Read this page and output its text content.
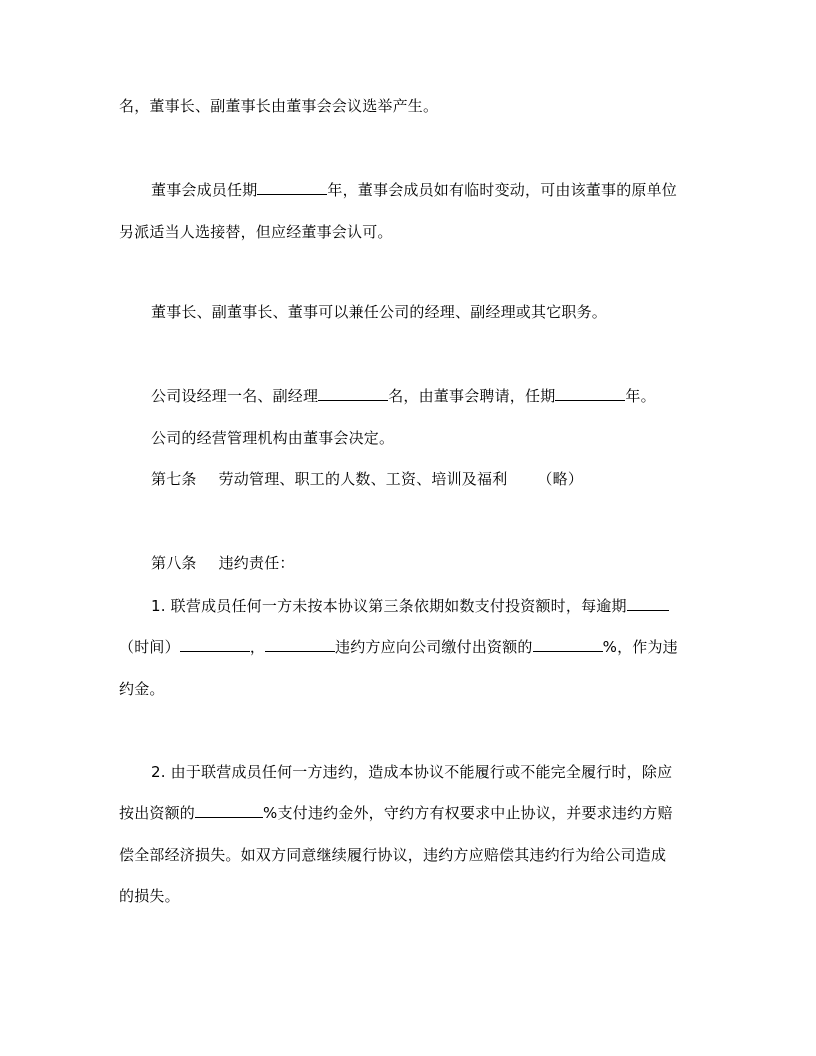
名，董事长、副董事长由董事会会议选举产生。
董事会成员任期	年，董事会成员如有临时变动，可由该董事的原单位
另派适当人选接替，但应经董事会认可。
董事长、副董事长、董事可以兼任公司的经理、副经理或其它职务。
公司设经理一名、副经理	名，由董事会聘请，任期	年。
公司的经营管理机构由董事会决定。
第七条 劳动管理、职工的人数、工资、培训及福利 （略）
第八条 违约责任：
1. 联营成员任何一方未按本协议第三条依期如数支付投资额时，每逾期
（时间）	，	违约方应向公司缴付出资额的	%，作为违
约金。
2. 由于联营成员任何一方违约，造成本协议不能履行或不能完全履行时，除应
按出资额的	%支付违约金外，守约方有权要求中止协议，并要求违约方赔
偿全部经济损失。如双方同意继续履行协议，违约方应赔偿其违约行为给公司造成
的损失。
